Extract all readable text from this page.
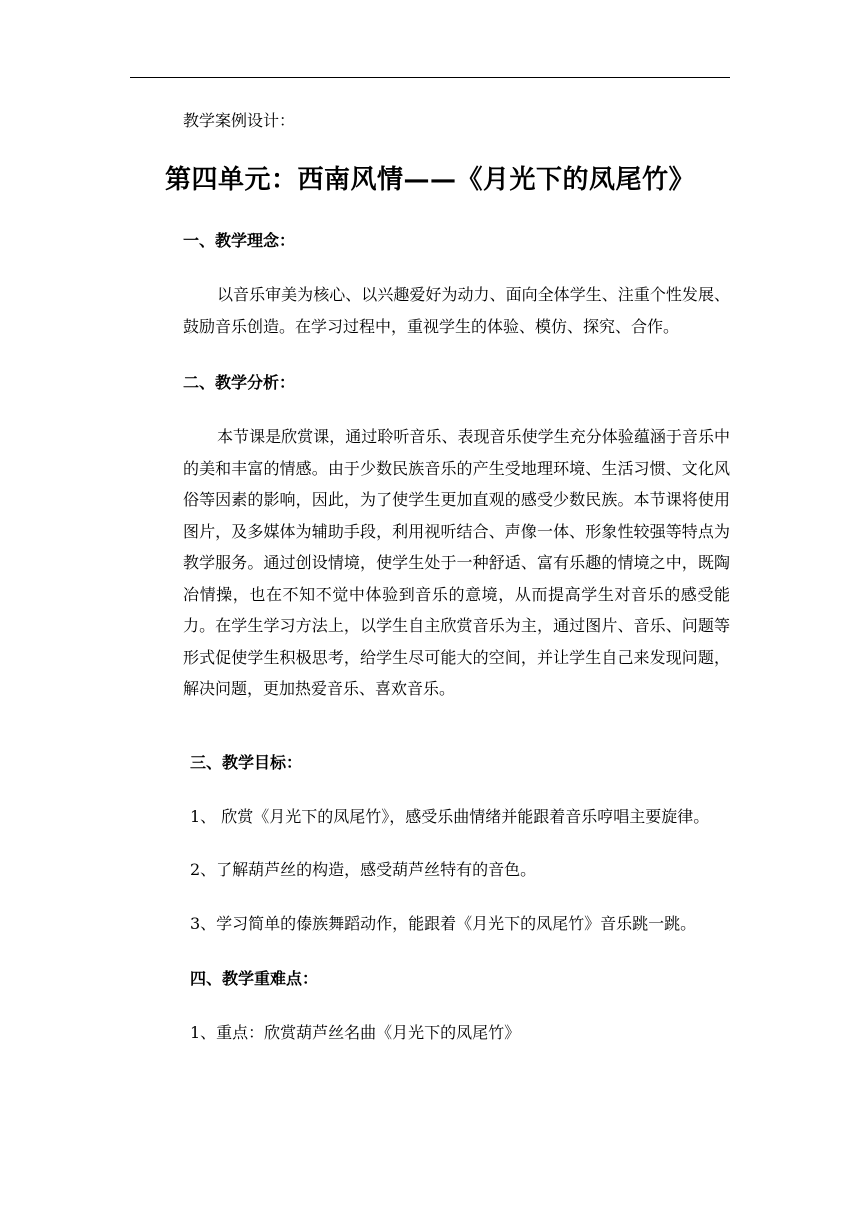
教学案例设计：
第四单元：西南风情——《月光下的凤尾竹》
一、教学理念：
以音乐审美为核心、以兴趣爱好为动力、面向全体学生、注重个性发展、鼓励音乐创造。在学习过程中，重视学生的体验、模仿、探究、合作。
二、教学分析：
本节课是欣赏课，通过聆听音乐、表现音乐使学生充分体验蕴涵于音乐中的美和丰富的情感。由于少数民族音乐的产生受地理环境、生活习惯、文化风俗等因素的影响，因此，为了使学生更加直观的感受少数民族。本节课将使用图片，及多媒体为辅助手段，利用视听结合、声像一体、形象性较强等特点为教学服务。通过创设情境，使学生处于一种舒适、富有乐趣的情境之中，既陶冶情操，也在不知不觉中体验到音乐的意境，从而提高学生对音乐的感受能力。在学生学习方法上，以学生自主欣赏音乐为主，通过图片、音乐、问题等形式促使学生积极思考，给学生尽可能大的空间，并让学生自己来发现问题，解决问题，更加热爱音乐、喜欢音乐。
三、教学目标：
1、 欣赏《月光下的凤尾竹》，感受乐曲情绪并能跟着音乐哼唱主要旋律。
2、了解葫芦丝的构造，感受葫芦丝特有的音色。
3、学习简单的傣族舞蹈动作，能跟着《月光下的凤尾竹》音乐跳一跳。
四、教学重难点：
1、重点：欣赏葫芦丝名曲《月光下的凤尾竹》
